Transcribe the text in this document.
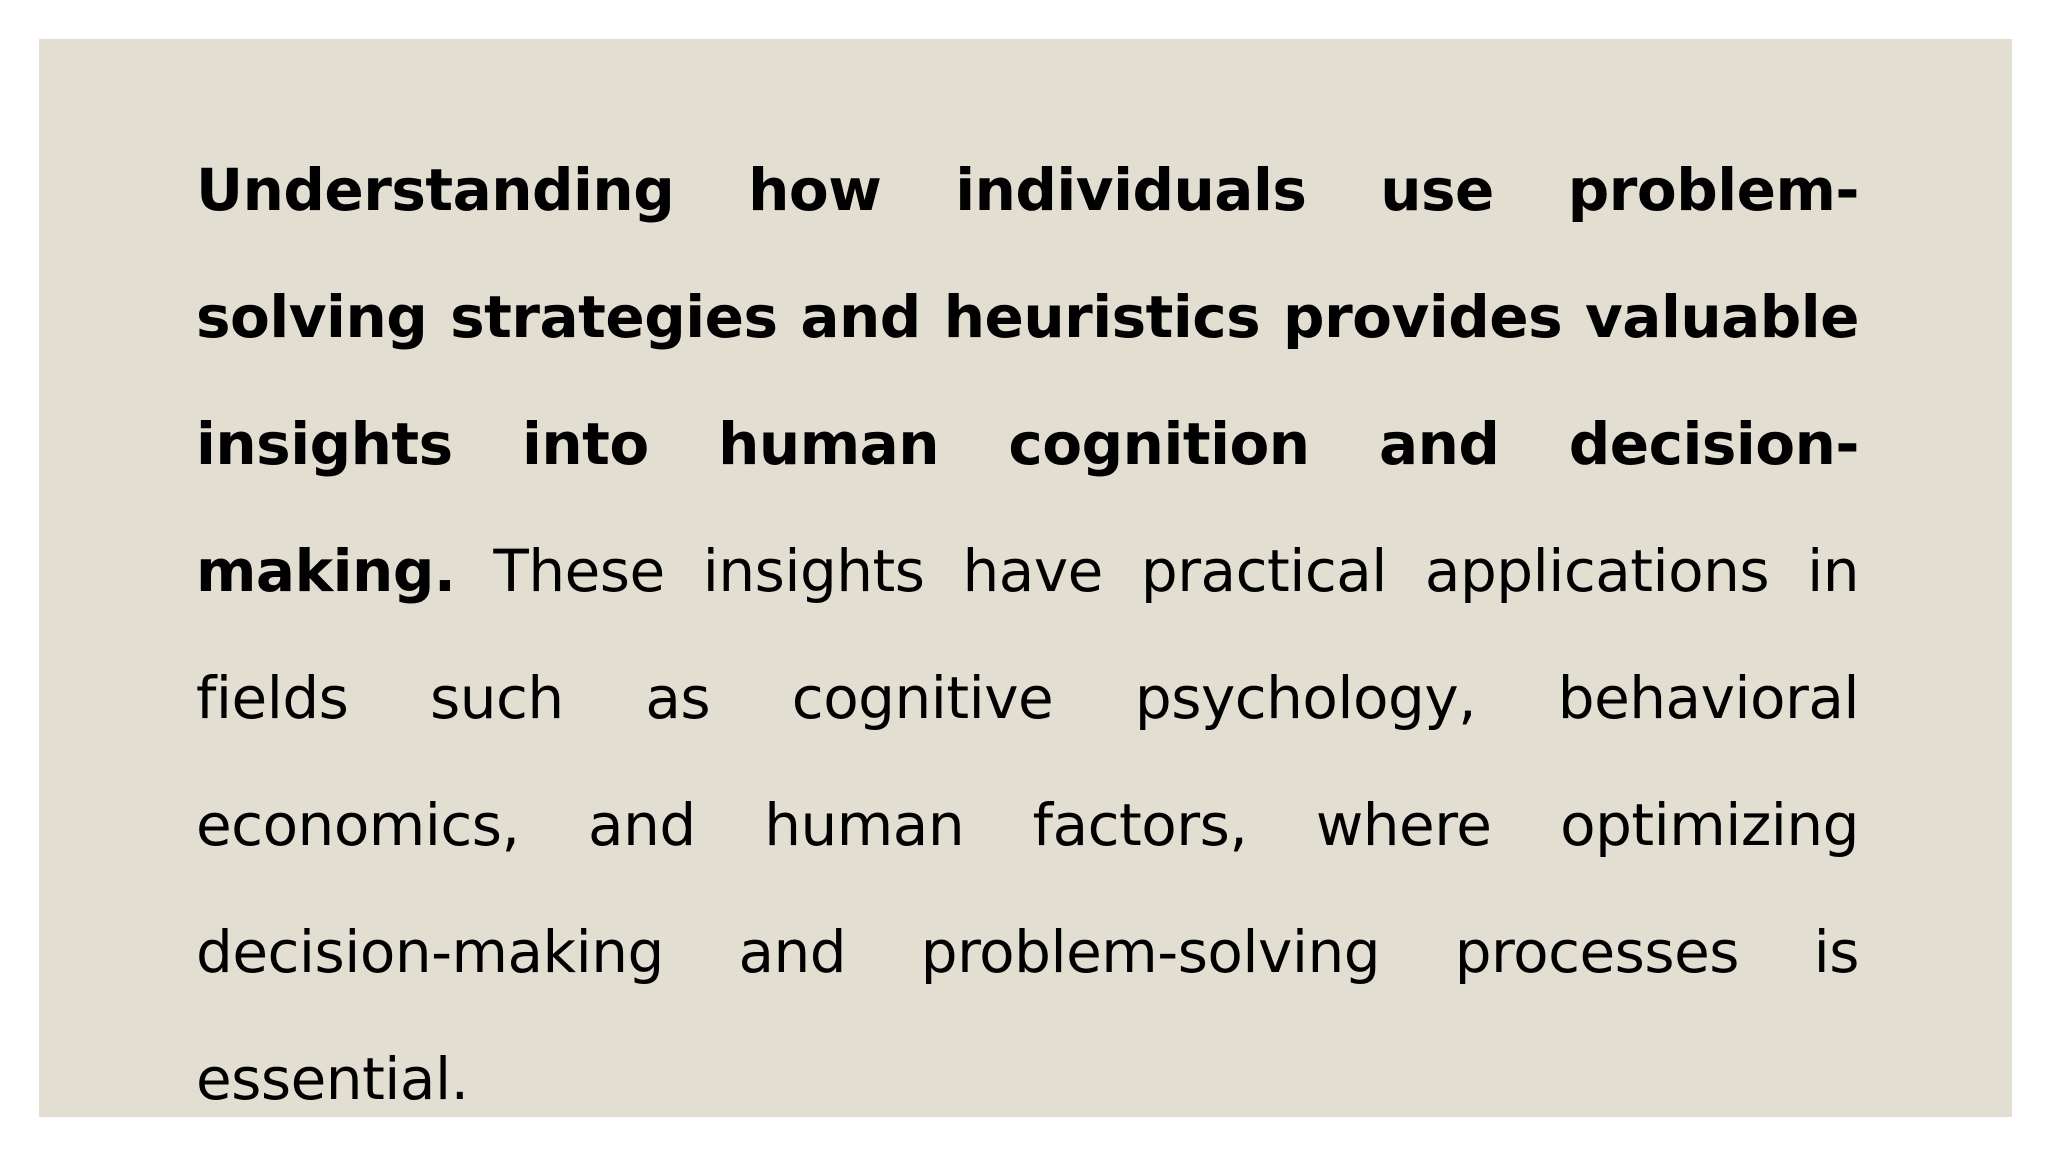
Understanding how individuals use problem-solving strategies and heuristics provides valuable insights into human cognition and decision-making. These insights have practical applications in fields such as cognitive psychology, behavioral economics, and human factors, where optimizing decision-making and problem-solving processes is essential.
